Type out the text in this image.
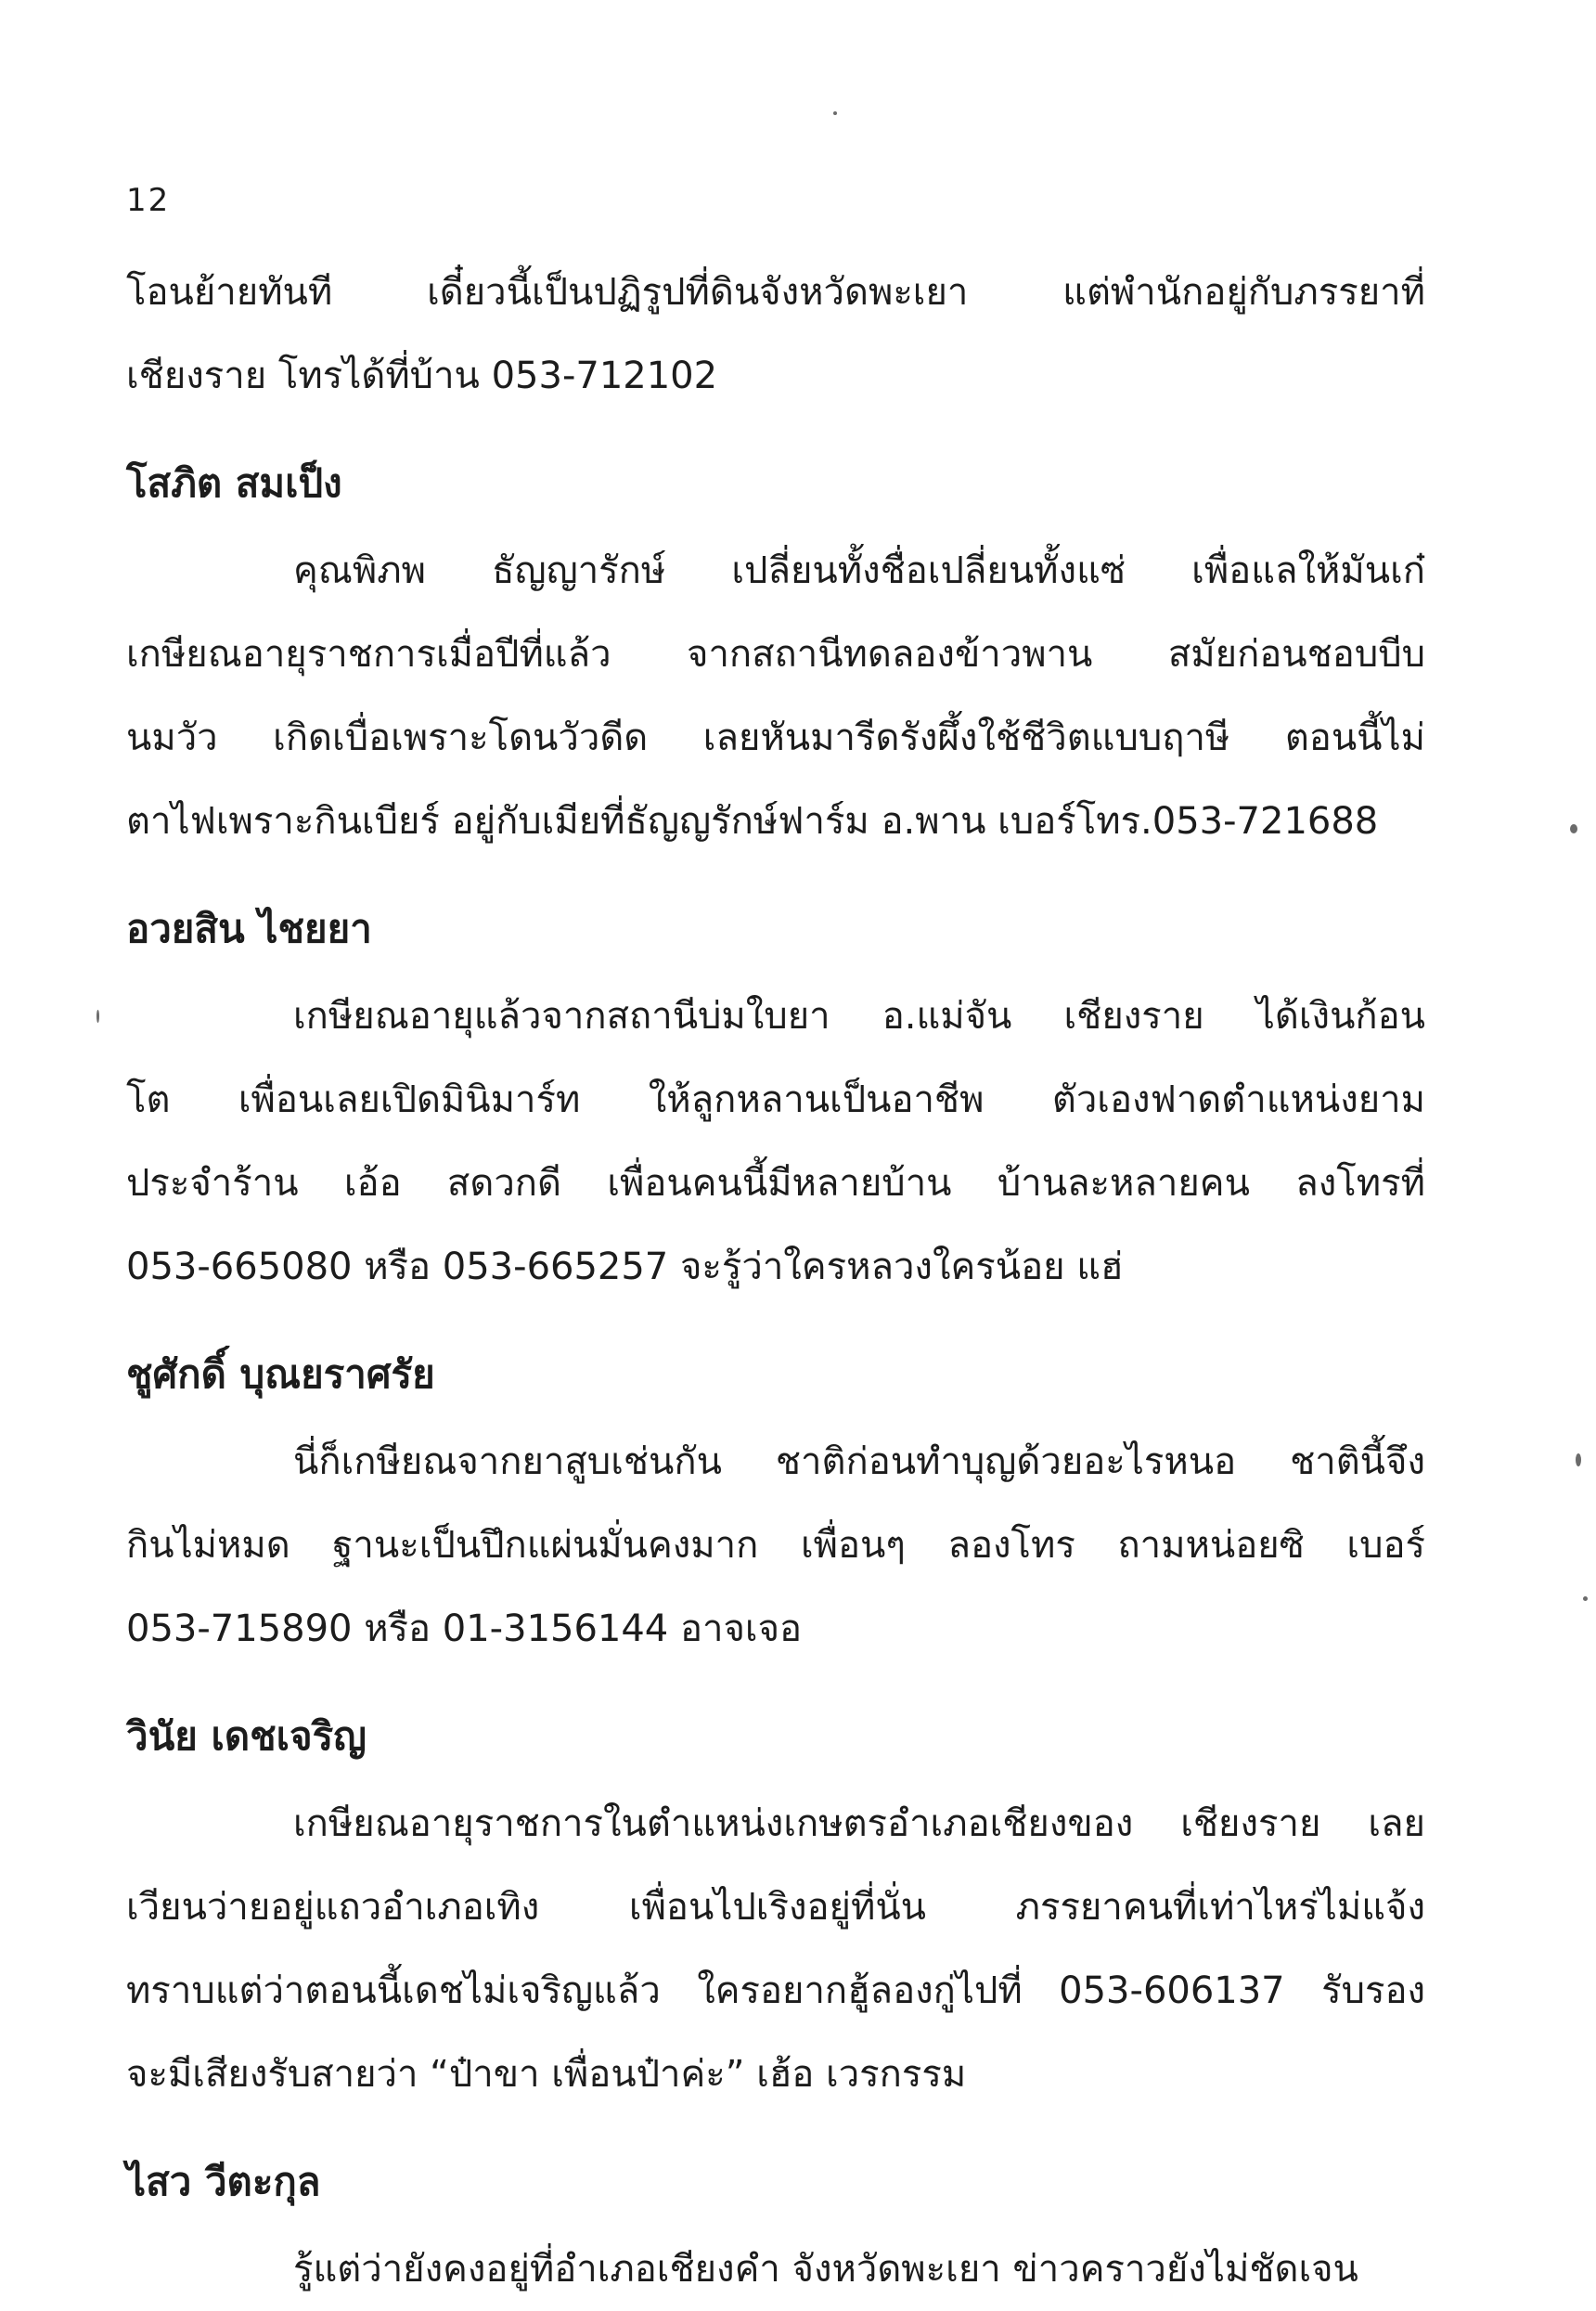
12
โอนย้ายทันที เดี๋ยวนี้เป็นปฏิรูปที่ดินจังหวัดพะเยา แต่พำนักอยู่กับภรรยาที่
เชียงราย โทรได้ที่บ้าน 053-712102
โสภิต สมเป็ง
คุณพิภพ ธัญญารักษ์ เปลี่ยนทั้งชื่อเปลี่ยนทั้งแซ่ เพื่อแลให้มันเก๋
เกษียณอายุราชการเมื่อปีที่แล้ว จากสถานีทดลองข้าวพาน สมัยก่อนชอบบีบ
นมวัว เกิดเบื่อเพราะโดนวัวดีด เลยหันมารีดรังผึ้งใช้ชีวิตแบบฤาษี ตอนนี้ไม่
ตาไฟเพราะกินเบียร์ อยู่กับเมียที่ธัญญรักษ์ฟาร์ม อ.พาน เบอร์โทร.053-721688
อวยสิน ไชยยา
เกษียณอายุแล้วจากสถานีบ่มใบยา อ.แม่จัน เชียงราย ได้เงินก้อน
โต เพื่อนเลยเปิดมินิมาร์ท ให้ลูกหลานเป็นอาชีพ ตัวเองฟาดตำแหน่งยาม
ประจำร้าน เอ้อ สดวกดี เพื่อนคนนี้มีหลายบ้าน บ้านละหลายคน ลงโทรที่
053-665080 หรือ 053-665257 จะรู้ว่าใครหลวงใครน้อย แฮ่
ชูศักดิ์ บุณยราศรัย
นี่ก็เกษียณจากยาสูบเช่นกัน ชาติก่อนทำบุญด้วยอะไรหนอ ชาตินี้จึง
กินไม่หมด ฐานะเป็นปึกแผ่นมั่นคงมาก เพื่อนๆ ลองโทร ถามหน่อยซิ เบอร์
053-715890 หรือ 01-3156144 อาจเจอ
วินัย เดชเจริญ
เกษียณอายุราชการในตำแหน่งเกษตรอำเภอเชียงของ เชียงราย เลย
เวียนว่ายอยู่แถวอำเภอเทิง เพื่อนไปเริงอยู่ที่นั่น ภรรยาคนที่เท่าไหร่ไม่แจ้ง
ทราบแต่ว่าตอนนี้เดชไม่เจริญแล้ว ใครอยากฮู้ลองกู่ไปที่ 053-606137 รับรอง
จะมีเสียงรับสายว่า “ป๋าขา เพื่อนป๋าค่ะ” เฮ้อ เวรกรรม
ไสว วีตะกุล
รู้แต่ว่ายังคงอยู่ที่อำเภอเชียงคำ จังหวัดพะเยา ข่าวคราวยังไม่ชัดเจน
